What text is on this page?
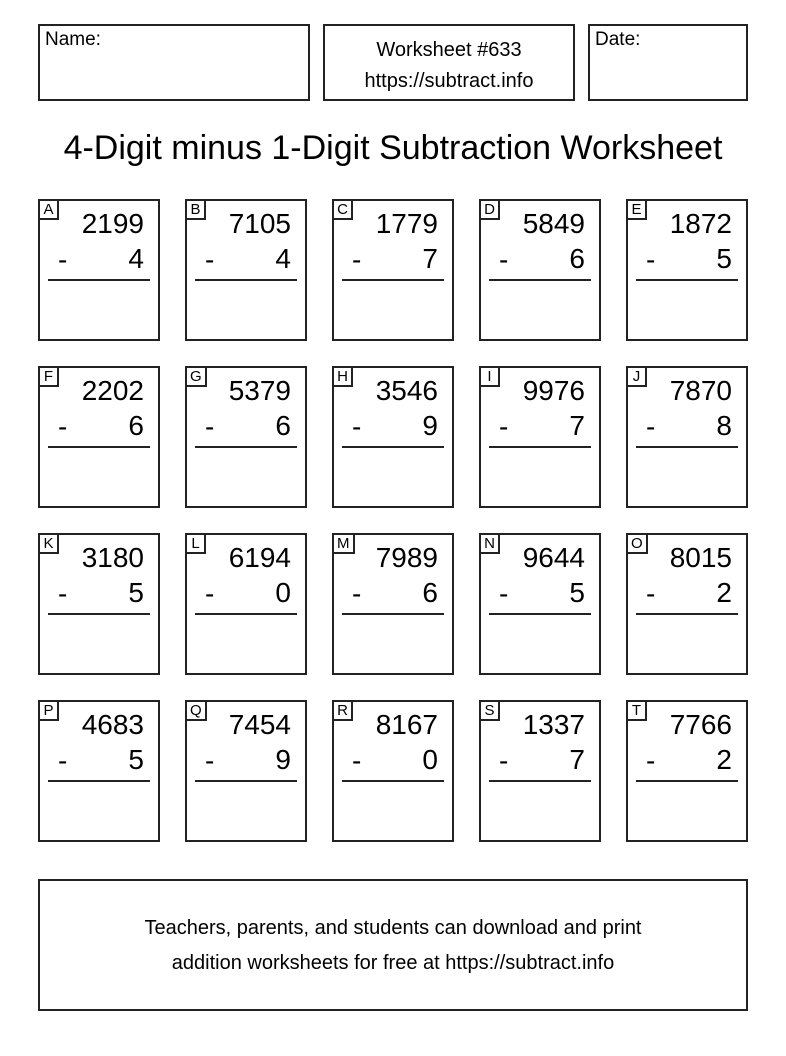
Name:	Worksheet #633
https://subtract.info
Date:
4-Digit minus 1-Digit Subtraction Worksheet
A 2199
- 4
B 7105
- 4
C 1779
- 7
D 5849
- 6
E 1872
- 5
F 2202
- 6
G 5379
- 6
H 3546
- 9
I	9976
- 7
J 7870
- 8
K 3180
- 5
L 6194
- 0
M 7989
- 6
N 9644
- 5
O 8015
- 2
P 4683
- 5
Q 7454
- 9
R 8167
- 0
S 1337
- 7
T 7766
- 2
Teachers, parents, and students can download and print
addition worksheets for free at https://subtract.info
